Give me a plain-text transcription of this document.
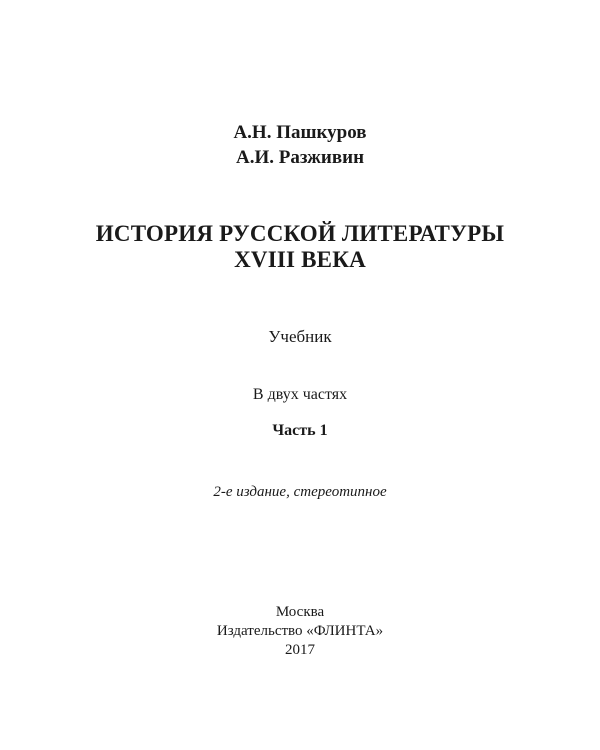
А.Н. Пашкуров
А.И. Разживин
ИСТОРИЯ РУССКОЙ ЛИТЕРАТУРЫ
XVIII ВЕКА
Учебник
В двух частях
Часть 1
2-е издание, стереотипное
Москва
Издательство «ФЛИНТА»
2017
